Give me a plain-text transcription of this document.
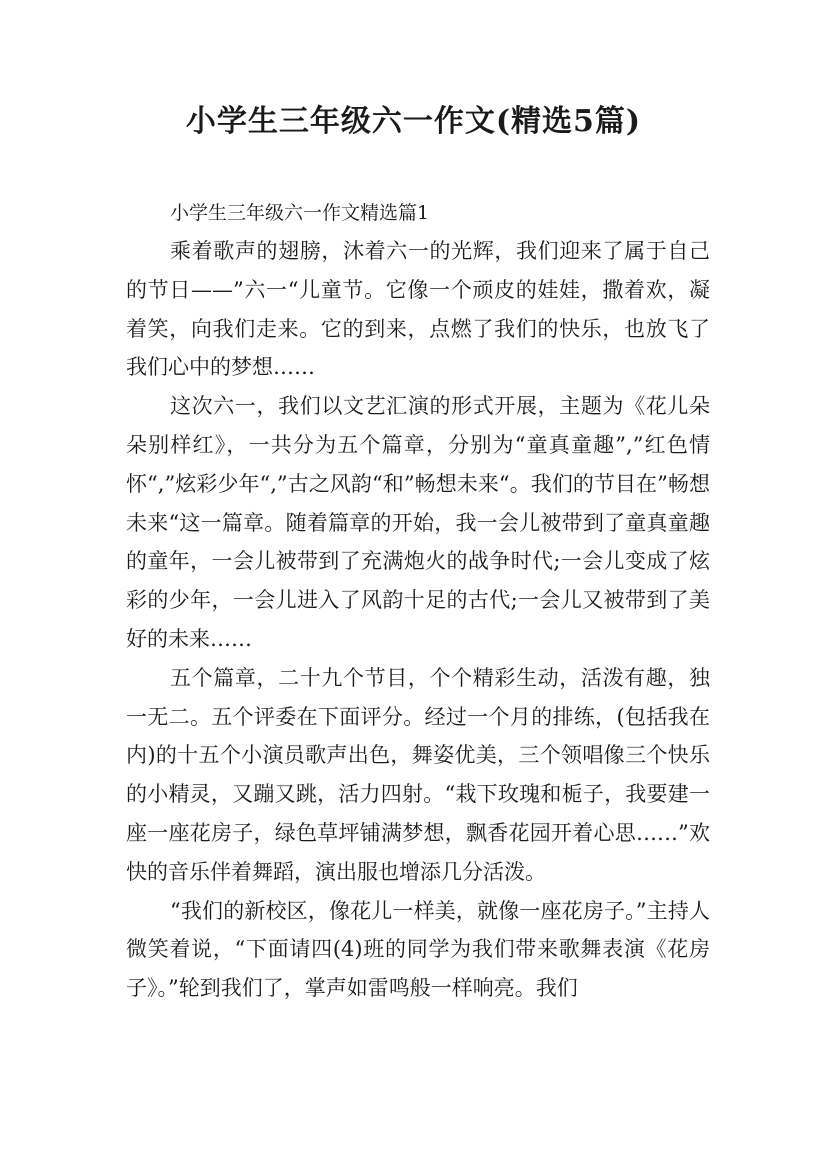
小学生三年级六一作文(精选5篇)

小学生三年级六一作文精选篇1

乘着歌声的翅膀，沐着六一的光辉，我们迎来了属于自己的节日——”六一“儿童节。它像一个顽皮的娃娃，撒着欢，凝着笑，向我们走来。它的到来，点燃了我们的快乐，也放飞了我们心中的梦想……

这次六一，我们以文艺汇演的形式开展，主题为《花儿朵朵别样红》，一共分为五个篇章，分别为“童真童趣”,”红色情怀“,”炫彩少年“,”古之风韵“和”畅想未来“。我们的节目在”畅想未来“这一篇章。随着篇章的开始，我一会儿被带到了童真童趣的童年，一会儿被带到了充满炮火的战争时代;一会儿变成了炫彩的少年，一会儿进入了风韵十足的古代;一会儿又被带到了美好的未来……

五个篇章，二十九个节目，个个精彩生动，活泼有趣，独一无二。五个评委在下面评分。经过一个月的排练，(包括我在内)的十五个小演员歌声出色，舞姿优美，三个领唱像三个快乐的小精灵，又蹦又跳，活力四射。“栽下玫瑰和栀子，我要建一座一座花房子，绿色草坪铺满梦想，飘香花园开着心思……”欢快的音乐伴着舞蹈，演出服也增添几分活泼。

“我们的新校区，像花儿一样美，就像一座花房子。”主持人微笑着说，“下面请四(4)班的同学为我们带来歌舞表演《花房子》。”轮到我们了，掌声如雷鸣般一样响亮。我们
